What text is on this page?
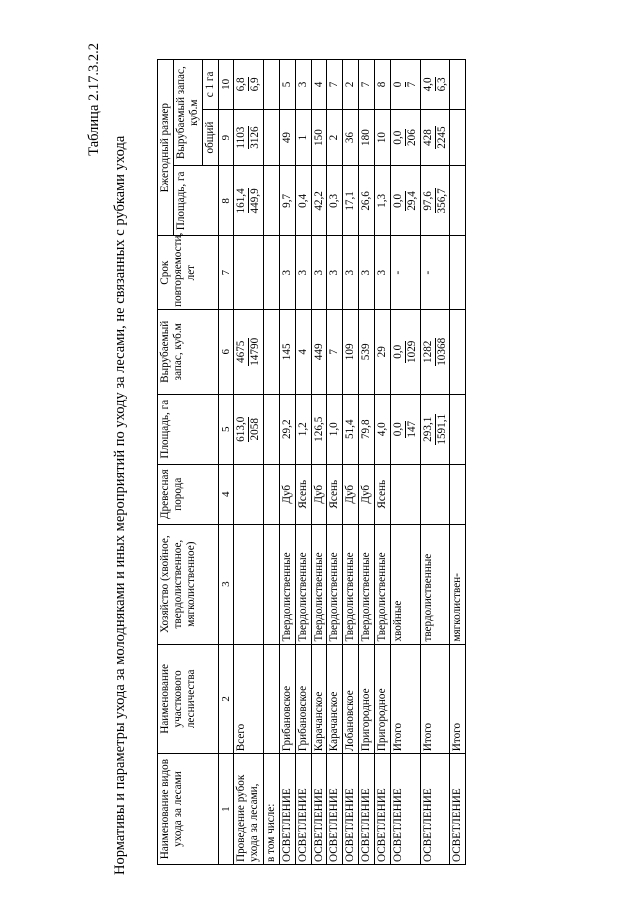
Таблица 2.17.3.2.2
Нормативы и параметры ухода за молодняками и иных мероприятий по уходу за лесами, не связанных с рубками ухода	Наименование видов ухода за лесами	Наименование участкового лесничества	Хозяйство (хвойное, твердолиственное, мягколиственное)	Древесная порода	Площадь, га	Вырубаемый запас, куб.м	Срок повторяемости, лет	Ежегодный размер		
							Площадь, га	Вырубаемый запас, куб.м	
								общий	с 1 га
1	2	3	4	5	6	7	8	9	10
Проведение рубок ухода за лесами,	Всего			613,0 2058	4675 14790		161,4 449,9	1103 3126	6,8 6,9

в том числе:									
ОСВЕТЛЕНИЕ	Грибановское	Твердолиственные	Дуб	29,2	145	3	9,7	49	5
ОСВЕТЛЕНИЕ	Грибановское	Твердолиственные	Ясень	1,2	4	3	0,4	1	3
ОСВЕТЛЕНИЕ	Карачанское	Твердолиственные	Дуб	126,5	449	3	42,2	150	4
ОСВЕТЛЕНИЕ	Карачанское	Твердолиственные	Ясень	1,0	7	3	0,3	2	7
ОСВЕТЛЕНИЕ	Лобановское	Твердолиственные	Дуб	51,4	109	3	17,1	36	2
ОСВЕТЛЕНИЕ	Пригородное	Твердолиственные	Дуб	79,8	539	3	26,6	180	7
ОСВЕТЛЕНИЕ	Пригородное	Твердолиственные	Ясень	4,0	29	3	1,3	10	8
ОСВЕТЛЕНИЕ	Итого	хвойные		0,0 147	0,0 1029	-	0,0 29,4	0,0 206	0 7

ОСВЕТЛЕНИЕ	Итого	твердолиственные		293,1 1591,1	1282 10368	-	97,6 356,7	428 2245	4,0 6,3

ОСВЕТЛЕНИЕ	Итого	мягколиствен-							
